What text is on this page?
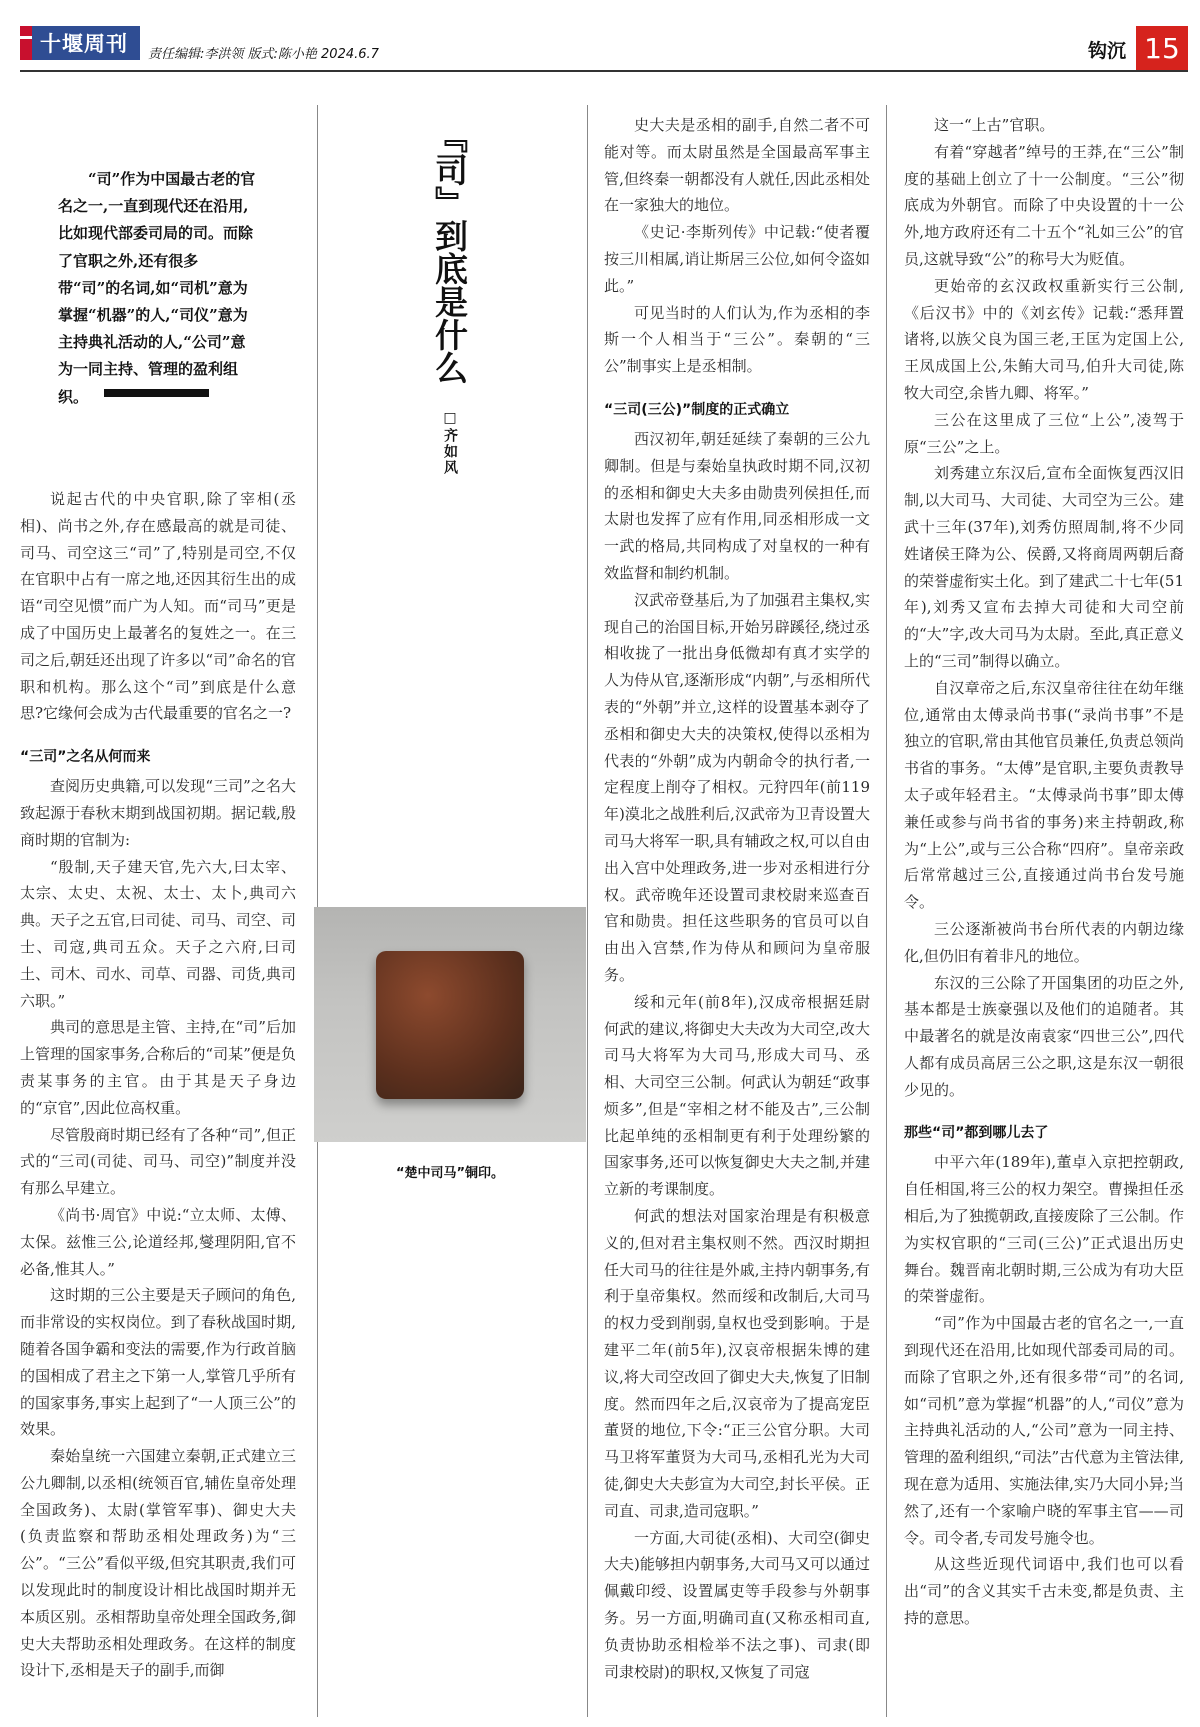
十堰周刊 责任编辑:李洪领 版式:陈小艳 2024.6.7	钩沉 15
“司”作为中国最古老的官名之一,一直到现代还在沿用,比如现代部委司局的司。而除了官职之外,还有很多带“司”的名词,如“司机”意为掌握“机器”的人,“司仪”意为主持典礼活动的人,“公司”意为一同主持、管理的盈利组织。
『司』到底是什么
□齐如风
“楚中司马”铜印。

说起古代的中央官职,除了宰相(丞相)、尚书之外,存在感最高的就是司徒、司马、司空这三“司”了,特别是司空,不仅在官职中占有一席之地,还因其衍生出的成语“司空见惯”而广为人知。而“司马”更是成了中国历史上最著名的复姓之一。在三司之后,朝廷还出现了许多以“司”命名的官职和机构。那么这个“司”到底是什么意思?它缘何会成为古代最重要的官名之一?

“三司”之名从何而来

查阅历史典籍,可以发现“三司”之名大致起源于春秋末期到战国初期。据记载,殷商时期的官制为:

“殷制,天子建天官,先六大,曰太宰、太宗、太史、太祝、太士、太卜,典司六典。天子之五官,曰司徒、司马、司空、司士、司寇,典司五众。天子之六府,曰司土、司木、司水、司草、司器、司货,典司六职。”

典司的意思是主管、主持,在“司”后加上管理的国家事务,合称后的“司某”便是负责某事务的主官。由于其是天子身边的“京官”,因此位高权重。

尽管殷商时期已经有了各种“司”,但正式的“三司(司徒、司马、司空)”制度并没有那么早建立。

《尚书·周官》中说:“立太师、太傅、太保。兹惟三公,论道经邦,燮理阴阳,官不必备,惟其人。”

这时期的三公主要是天子顾问的角色,而非常设的实权岗位。到了春秋战国时期,随着各国争霸和变法的需要,作为行政首脑的国相成了君主之下第一人,掌管几乎所有的国家事务,事实上起到了“一人顶三公”的效果。

秦始皇统一六国建立秦朝,正式建立三公九卿制,以丞相(统领百官,辅佐皇帝处理全国政务)、太尉(掌管军事)、御史大夫(负责监察和帮助丞相处理政务)为“三公”。“三公”看似平级,但究其职责,我们可以发现此时的制度设计相比战国时期并无本质区别。丞相帮助皇帝处理全国政务,御史大夫帮助丞相处理政务。在这样的制度设计下,丞相是天子的副手,而御

史大夫是丞相的副手,自然二者不可能对等。而太尉虽然是全国最高军事主管,但终秦一朝都没有人就任,因此丞相处在一家独大的地位。

《史记·李斯列传》中记载:“使者覆按三川相属,诮让斯居三公位,如何令盗如此。”

可见当时的人们认为,作为丞相的李斯一个人相当于“三公”。秦朝的“三公”制事实上是丞相制。

“三司(三公)”制度的正式确立

西汉初年,朝廷延续了秦朝的三公九卿制。但是与秦始皇执政时期不同,汉初的丞相和御史大夫多由勋贵列侯担任,而太尉也发挥了应有作用,同丞相形成一文一武的格局,共同构成了对皇权的一种有效监督和制约机制。

汉武帝登基后,为了加强君主集权,实现自己的治国目标,开始另辟蹊径,绕过丞相收拢了一批出身低微却有真才实学的人为侍从官,逐渐形成“内朝”,与丞相所代表的“外朝”并立,这样的设置基本剥夺了丞相和御史大夫的决策权,使得以丞相为代表的“外朝”成为内朝命令的执行者,一定程度上削夺了相权。元狩四年(前119年)漠北之战胜利后,汉武帝为卫青设置大司马大将军一职,具有辅政之权,可以自由出入宫中处理政务,进一步对丞相进行分权。武帝晚年还设置司隶校尉来巡查百官和勋贵。担任这些职务的官员可以自由出入宫禁,作为侍从和顾问为皇帝服务。

绥和元年(前8年),汉成帝根据廷尉何武的建议,将御史大夫改为大司空,改大司马大将军为大司马,形成大司马、丞相、大司空三公制。何武认为朝廷“政事烦多”,但是“宰相之材不能及古”,三公制比起单纯的丞相制更有利于处理纷繁的国家事务,还可以恢复御史大夫之制,并建立新的考课制度。

何武的想法对国家治理是有积极意义的,但对君主集权则不然。西汉时期担任大司马的往往是外戚,主持内朝事务,有利于皇帝集权。然而绥和改制后,大司马的权力受到削弱,皇权也受到影响。于是建平二年(前5年),汉哀帝根据朱博的建议,将大司空改回了御史大夫,恢复了旧制度。然而四年之后,汉哀帝为了提高宠臣董贤的地位,下令:“正三公官分职。大司马卫将军董贤为大司马,丞相孔光为大司徒,御史大夫彭宣为大司空,封长平侯。正司直、司隶,造司寇职。”

一方面,大司徒(丞相)、大司空(御史大夫)能够担内朝事务,大司马又可以通过佩戴印绶、设置属吏等手段参与外朝事务。另一方面,明确司直(又称丞相司直,负责协助丞相检举不法之事)、司隶(即司隶校尉)的职权,又恢复了司寇

这一“上古”官职。

有着“穿越者”绰号的王莽,在“三公”制度的基础上创立了十一公制度。“三公”彻底成为外朝官。而除了中央设置的十一公外,地方政府还有二十五个“礼如三公”的官员,这就导致“公”的称号大为贬值。

更始帝的玄汉政权重新实行三公制,《后汉书》中的《刘玄传》记载:“悉拜置诸将,以族父良为国三老,王匡为定国上公,王凤成国上公,朱鲔大司马,伯升大司徒,陈牧大司空,余皆九卿、将军。”

三公在这里成了三位“上公”,凌驾于原“三公”之上。

刘秀建立东汉后,宣布全面恢复西汉旧制,以大司马、大司徒、大司空为三公。建武十三年(37年),刘秀仿照周制,将不少同姓诸侯王降为公、侯爵,又将商周两朝后裔的荣誉虚衔实土化。到了建武二十七年(51年),刘秀又宣布去掉大司徒和大司空前的“大”字,改大司马为太尉。至此,真正意义上的“三司”制得以确立。

自汉章帝之后,东汉皇帝往往在幼年继位,通常由太傅录尚书事(“录尚书事”不是独立的官职,常由其他官员兼任,负责总领尚书省的事务。“太傅”是官职,主要负责教导太子或年轻君主。“太傅录尚书事”即太傅兼任或参与尚书省的事务)来主持朝政,称为“上公”,或与三公合称“四府”。皇帝亲政后常常越过三公,直接通过尚书台发号施令。

三公逐渐被尚书台所代表的内朝边缘化,但仍旧有着非凡的地位。

东汉的三公除了开国集团的功臣之外,基本都是士族豪强以及他们的追随者。其中最著名的就是汝南袁家“四世三公”,四代人都有成员高居三公之职,这是东汉一朝很少见的。

那些“司”都到哪儿去了

中平六年(189年),董卓入京把控朝政,自任相国,将三公的权力架空。曹操担任丞相后,为了独揽朝政,直接废除了三公制。作为实权官职的“三司(三公)”正式退出历史舞台。魏晋南北朝时期,三公成为有功大臣的荣誉虚衔。

“司”作为中国最古老的官名之一,一直到现代还在沿用,比如现代部委司局的司。而除了官职之外,还有很多带“司”的名词,如“司机”意为掌握“机器”的人,“司仪”意为主持典礼活动的人,“公司”意为一同主持、管理的盈利组织,“司法”古代意为主管法律,现在意为适用、实施法律,实乃大同小异;当然了,还有一个家喻户晓的军事主官——司令。司令者,专司发号施令也。

从这些近现代词语中,我们也可以看出“司”的含义其实千古未变,都是负责、主持的意思。
